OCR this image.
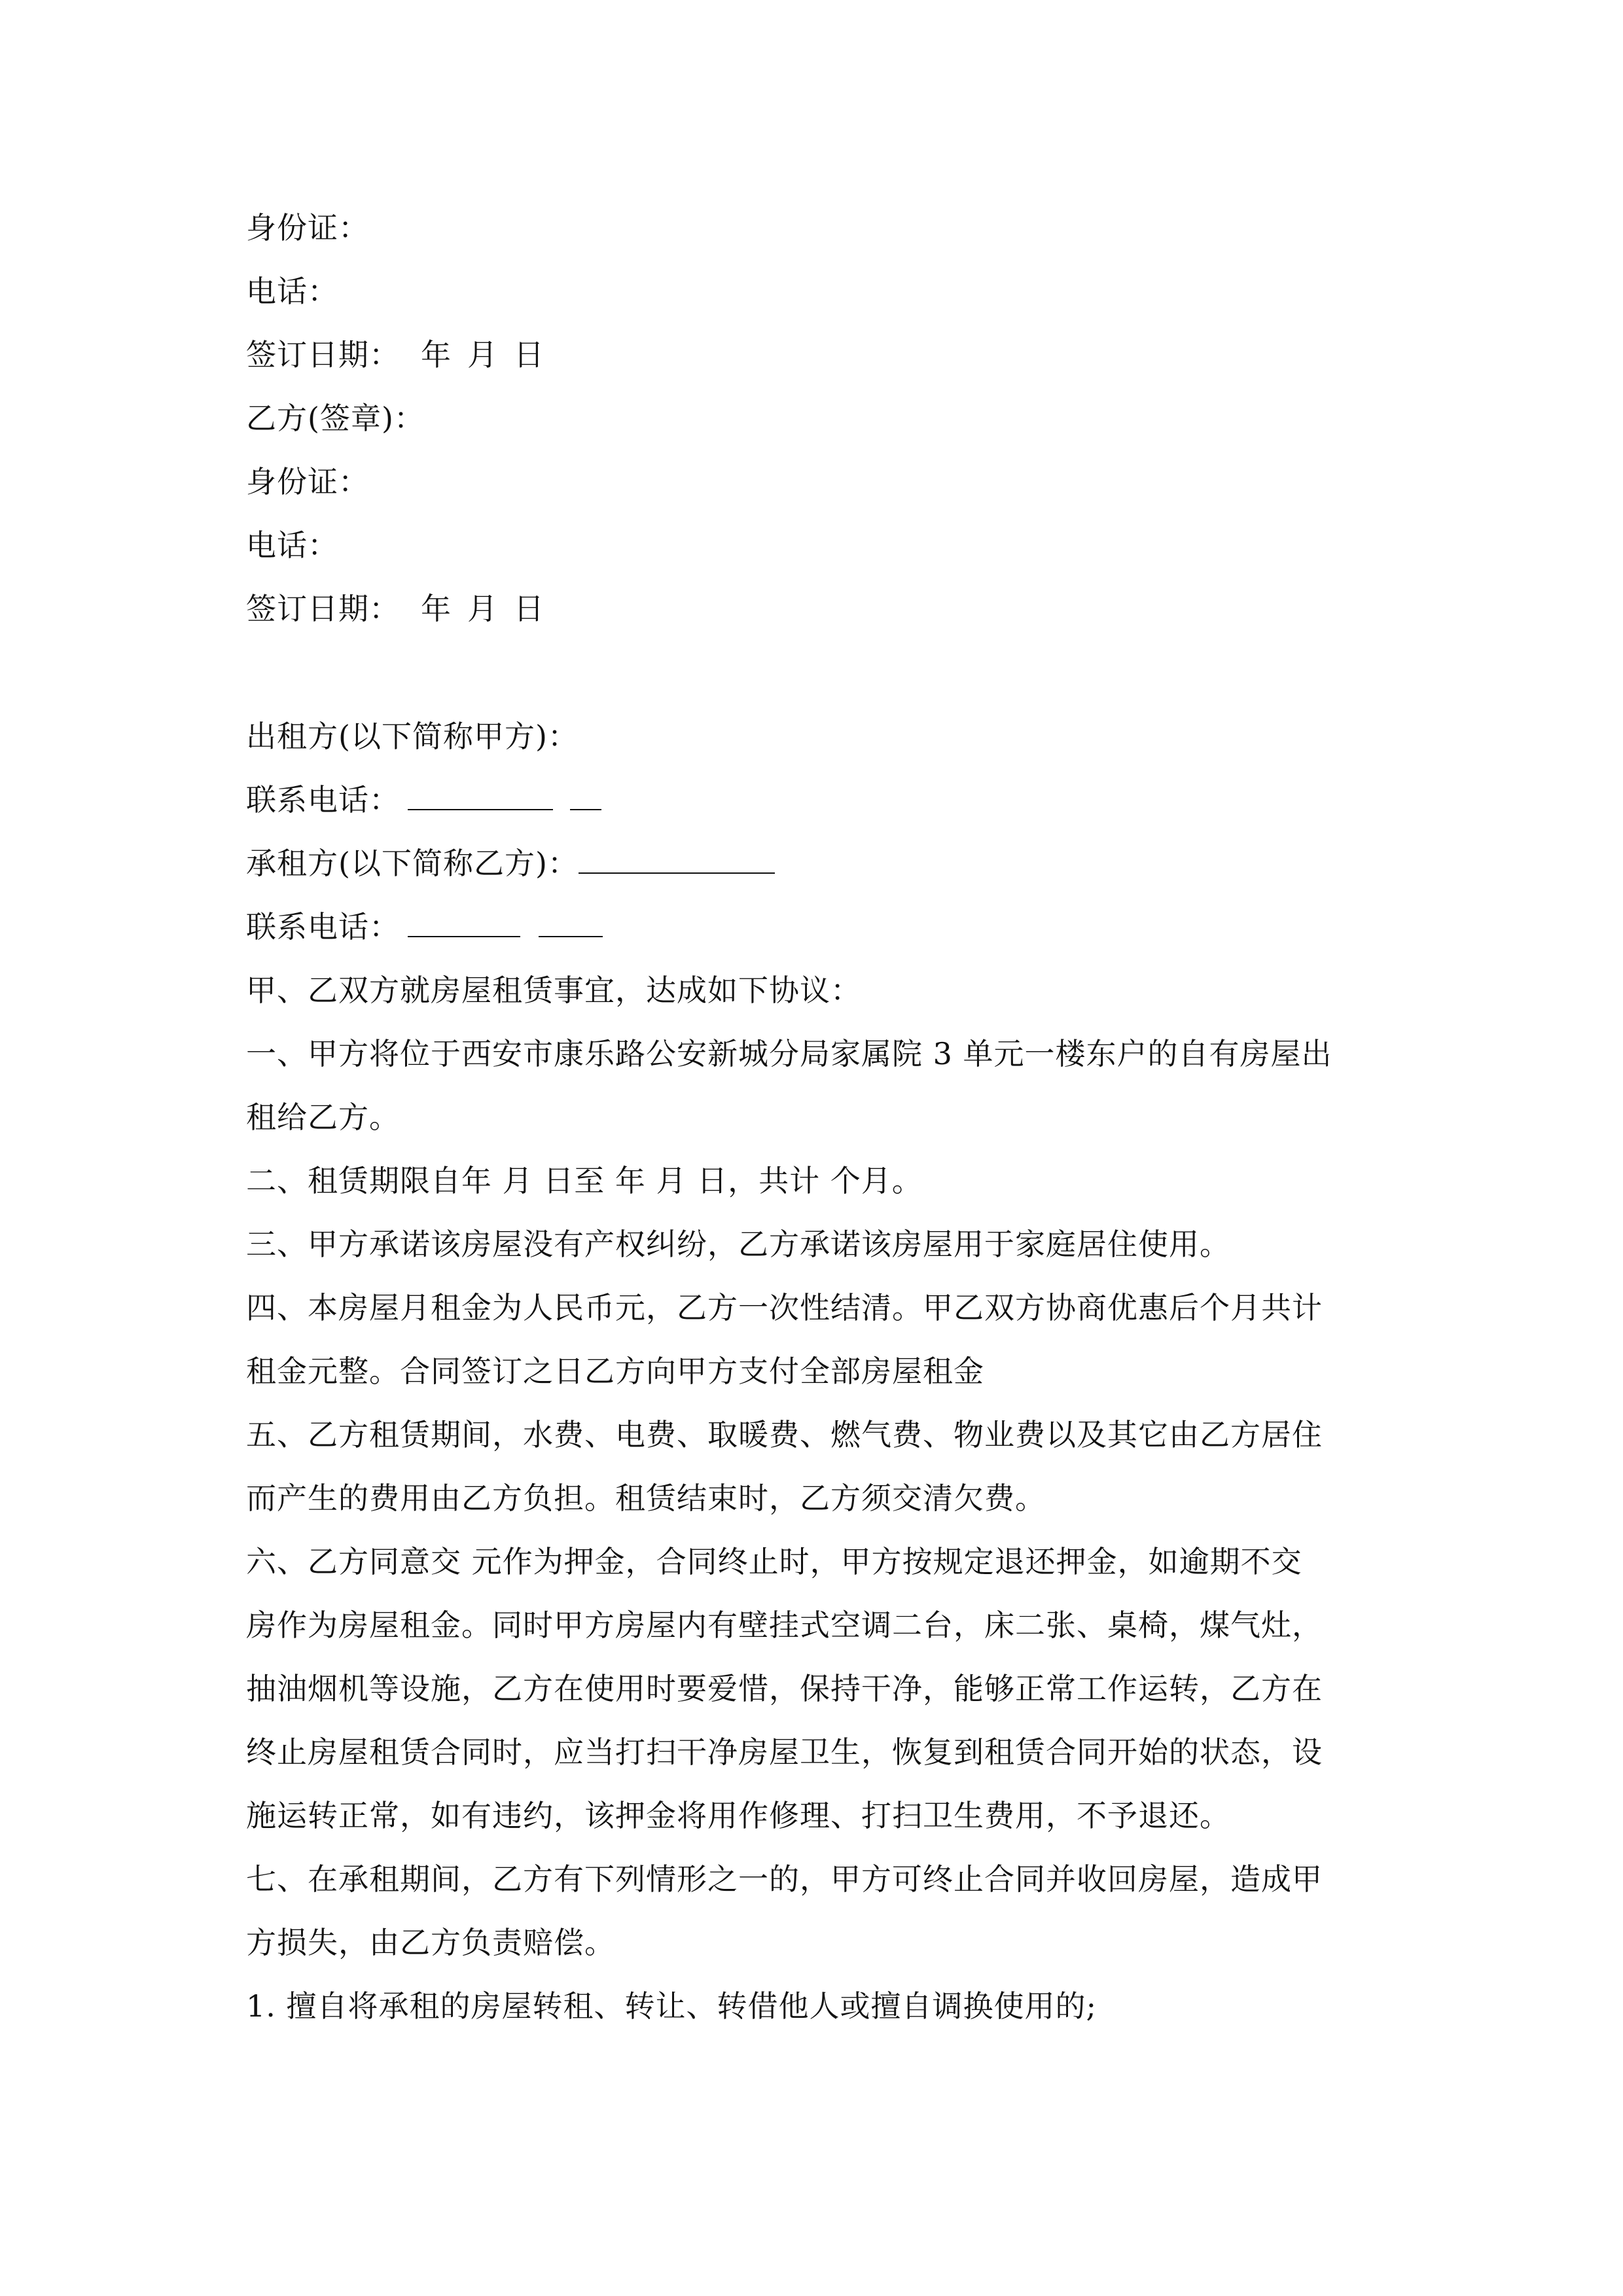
身份证：
电话：
签订日期： 年 月 日
乙方(签章)：
身份证：
电话：
签订日期： 年 月 日
出租方(以下简称甲方)：
联系电话：
承租方(以下简称乙方)：
联系电话：
甲、乙双方就房屋租赁事宜，达成如下协议：
一、甲方将位于西安市康乐路公安新城分局家属院 3 单元一楼东户的自有房屋出
租给乙方。
二、租赁期限自年 月 日至 年 月 日，共计 个月。
三、甲方承诺该房屋没有产权纠纷，乙方承诺该房屋用于家庭居住使用。
四、本房屋月租金为人民币元，乙方一次性结清。甲乙双方协商优惠后个月共计
租金元整。合同签订之日乙方向甲方支付全部房屋租金
五、乙方租赁期间，水费、电费、取暖费、燃气费、物业费以及其它由乙方居住
而产生的费用由乙方负担。租赁结束时，乙方须交清欠费。
六、乙方同意交 元作为押金，合同终止时，甲方按规定退还押金，如逾期不交
房作为房屋租金。同时甲方房屋内有壁挂式空调二台，床二张、桌椅，煤气灶，
抽油烟机等设施，乙方在使用时要爱惜，保持干净，能够正常工作运转，乙方在
终止房屋租赁合同时，应当打扫干净房屋卫生，恢复到租赁合同开始的状态，设
施运转正常，如有违约，该押金将用作修理、打扫卫生费用，不予退还。
七、在承租期间，乙方有下列情形之一的，甲方可终止合同并收回房屋，造成甲
方损失，由乙方负责赔偿。
1. 擅自将承租的房屋转租、转让、转借他人或擅自调换使用的;
